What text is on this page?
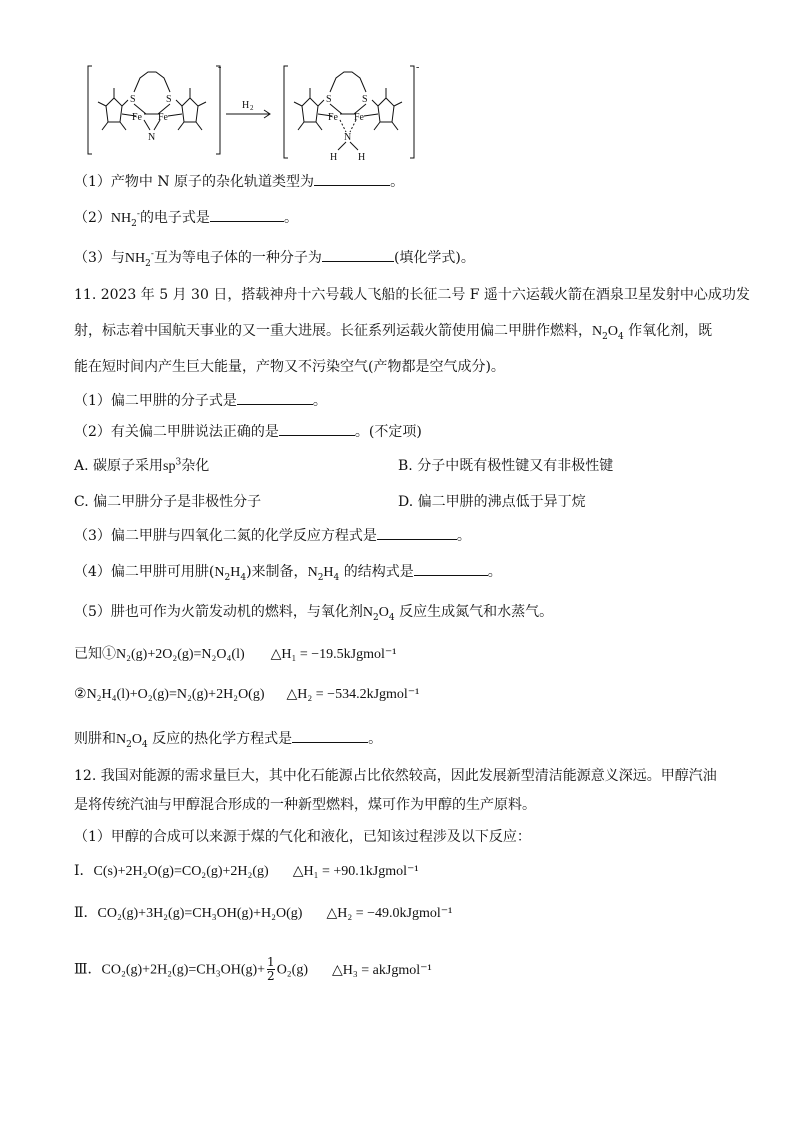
S	S
Fe Fe
N
-
H 2
S	S
Fe Fe
N
H H
-
（1）产物中 N 原子的杂化轨道类型为	。
$(2)NH_2^-$的电子式是	。
（3）与$NH_2^-$互为等电子体的一种分子为	(填化学式)。
11. 2023 年 5 月 30 日，搭载神舟十六号载人飞船的长征二号 F 遥十六运载火箭在酒泉卫星发射中心成功发
射，标志着中国航天事业的又一重大进展。长征系列运载火箭使用偏二甲肼作燃料，$N_2O_4$ 作氧化剂，既
能在短时间内产生巨大能量，产物又不污染空气(产物都是空气成分)。
（1）偏二甲肼的分子式是	。
（2）有关偏二甲肼说法正确的是	。(不定项)
A. 碳原子采用$sp^3$杂化	B. 分子中既有极性键又有非极性键
C. 偏二甲肼分子是非极性分子	D. 偏二甲肼的沸点低于异丁烷
（3）偏二甲肼与四氧化二氮的化学反应方程式是	。
（4）偏二甲肼可用肼$(N_2H_4)$来制备，$N_2H_4$ 的结构式是	。
（5）肼也可作为火箭发动机的燃料，与氧化剂$N_2O_4$ 反应生成氮气和水蒸气。
已知①N₂(g)+2O₂(g)=N₂O₄(l) △H₁ = −19.5kJgmol⁻¹
②N₂H₄(l)+O₂(g)=N₂(g)+2H₂O(g) △H₂ = −534.2kJgmol⁻¹
则肼和$N_2O_4$ 反应的热化学方程式是	。
12. 我国对能源的需求量巨大，其中化石能源占比依然较高，因此发展新型清洁能源意义深远。甲醇汽油
是将传统汽油与甲醇混合形成的一种新型燃料，煤可作为甲醇的生产原料。
（1）甲醇的合成可以来源于煤的气化和液化，已知该过程涉及以下反应：
Ⅰ．C(s)+2H₂O(g)=CO₂(g)+2H₂(g) △H₁ = +90.1kJgmol⁻¹
Ⅱ．CO₂(g)+3H₂(g)=CH₃OH(g)+H₂O(g) △H₂ = −49.0kJgmol⁻¹
Ⅲ．$CO_2(g)+2H_2(g)=CH_3OH(g)+ \frac{1}{2} O_2(g)$ △H₃ = akJgmol⁻¹
